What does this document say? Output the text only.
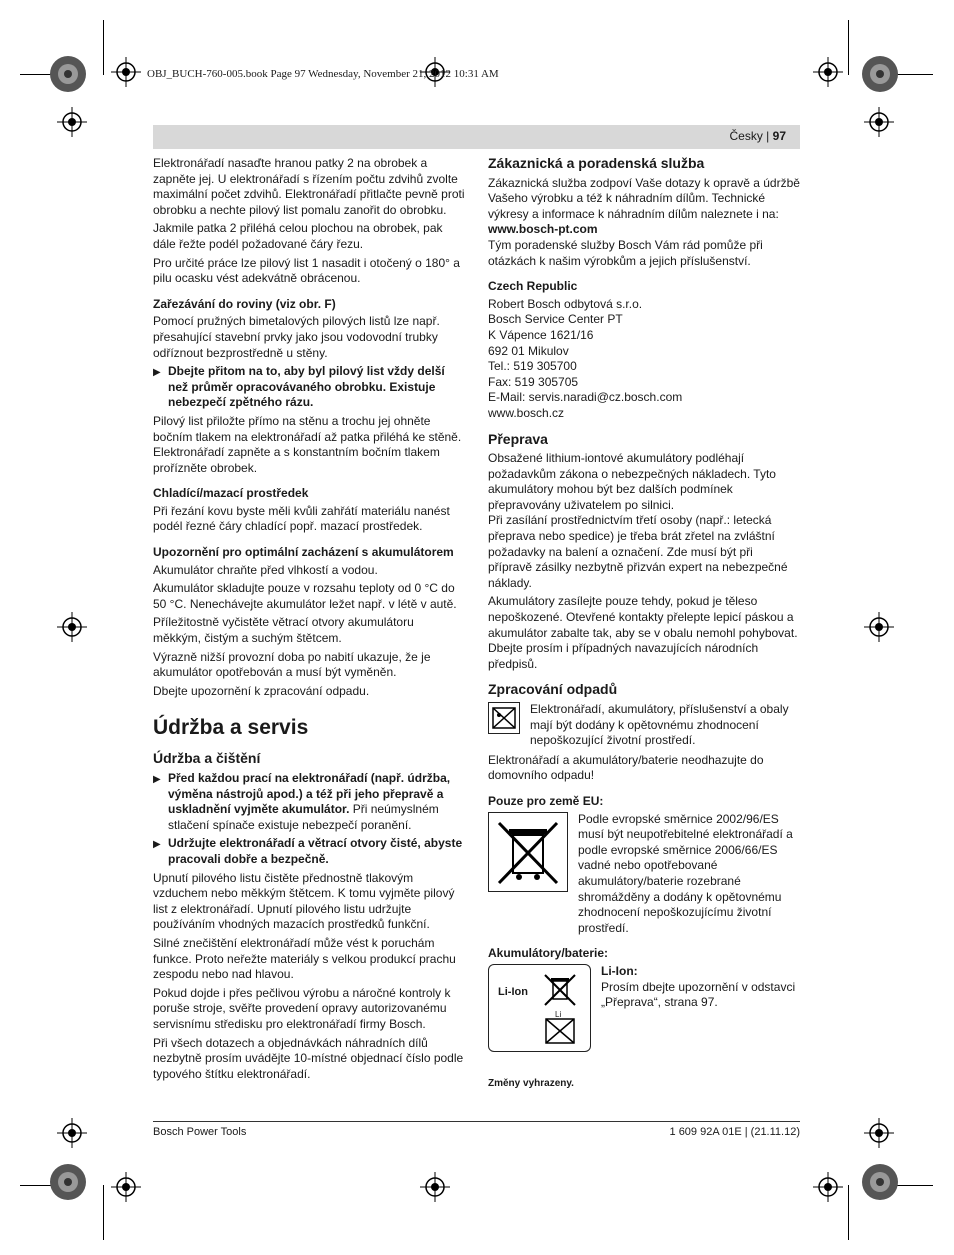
OBJ_BUCH-760-005.book Page 97 Wednesday, November 21, 2012 10:31 AM
Česky | 97

Elektronářadí nasaďte hranou patky 2 na obrobek a zapněte jej. U elektronářadí s řízením počtu zdvihů zvolte maximální počet zdvihů. Elektronářadí přitlačte pevně proti obrobku a nechte pilový list pomalu zanořit do obrobku.

Jakmile patka 2 přiléhá celou plochou na obrobek, pak dále řežte podél požadované čáry řezu.

Pro určité práce lze pilový list 1 nasadit i otočený o 180° a pilu ocasku vést adekvátně obrácenou.

Zařezávání do roviny (viz obr. F)

Pomocí pružných bimetalových pilových listů lze např. přesahující stavební prvky jako jsou vodovodní trubky odříznout bezprostředně u stěny.

▶ Dbejte přitom na to, aby byl pilový list vždy delší než průměr opracovávaného obrobku. Existuje nebezpečí zpětného rázu.

Pilový list přiložte přímo na stěnu a trochu jej ohněte bočním tlakem na elektronářadí až patka přiléhá ke stěně. Elektronářadí zapněte a s konstantním bočním tlakem prořízněte obrobek.

Chladící/mazací prostředek

Při řezání kovu byste měli kvůli zahřátí materiálu nanést podél řezné čáry chladící popř. mazací prostředek.

Upozornění pro optimální zacházení s akumulátorem

Akumulátor chraňte před vlhkostí a vodou.

Akumulátor skladujte pouze v rozsahu teploty od 0 °C do 50 °C. Nenechávejte akumulátor ležet např. v létě v autě.

Příležitostně vyčistěte větrací otvory akumulátoru měkkým, čistým a suchým štětcem.

Výrazně nižší provozní doba po nabití ukazuje, že je akumulátor opotřebován a musí být vyměněn.

Dbejte upozornění k zpracování odpadu.

Údržba a servis
Údržba a čištění
▶ Před každou prací na elektronářadí (např. údržba, výměna nástrojů apod.) a též při jeho přepravě a uskladnění vyjměte akumulátor. Při neúmyslném stlačení spínače existuje nebezpečí poranění.
▶ Udržujte elektronářadí a větrací otvory čisté, abyste pracovali dobře a bezpečně.

Upnutí pilového listu čistěte přednostně tlakovým vzduchem nebo měkkým štětcem. K tomu vyjměte pilový list z elektronářadí. Upnutí pilového listu udržujte používáním vhodných mazacích prostředků funkční.

Silné znečištění elektronářadí může vést k poruchám funkce. Proto neřežte materiály s velkou produkcí prachu zespodu nebo nad hlavou.

Pokud dojde i přes pečlivou výrobu a náročné kontroly k poruše stroje, svěřte provedení opravy autorizovanému servisnímu středisku pro elektronářadí firmy Bosch.

Při všech dotazech a objednávkách náhradních dílů nezbytně prosím uvádějte 10-místné objednací číslo podle typového štítku elektronářadí.

Zákaznická a poradenská služba

Zákaznická služba zodpoví Vaše dotazy k opravě a údržbě Vašeho výrobku a též k náhradním dílům. Technické výkresy a informace k náhradním dílům naleznete i na:

www.bosch-pt.com

Tým poradenské služby Bosch Vám rád pomůže při otázkách k našim výrobkům a jejich příslušenství.

Czech Republic
Robert Bosch odbytová s.r.o.
Bosch Service Center PT
K Vápence 1621/16
692 01 Mikulov
Tel.: 519 305700
Fax: 519 305705
E-Mail: servis.naradi@cz.bosch.com
www.bosch.cz
Přeprava

Obsažené lithium-iontové akumulátory podléhají požadavkům zákona o nebezpečných nákladech. Tyto akumulátory mohou být bez dalších podmínek přepravovány uživatelem po silnici.

Při zasílání prostřednictvím třetí osoby (např.: letecká přeprava nebo spedice) je třeba brát zřetel na zvláštní požadavky na balení a označení. Zde musí být při přípravě zásilky nezbytně přizván expert na nebezpečné náklady.

Akumulátory zasílejte pouze tehdy, pokud je těleso nepoškozené. Otevřené kontakty přelepte lepicí páskou a akumulátor zabalte tak, aby se v obalu nemohl pohybovat.

Dbejte prosím i případných navazujících národních předpisů.

Zpracování odpadů
Elektronářadí, akumulátory, příslušenství a obaly mají být dodány k opětovnému zhodnocení nepoškozující životní prostředí.

Elektronářadí a akumulátory/baterie neodhazujte do domovního odpadu!

Pouze pro země EU:
Podle evropské směrnice 2002/96/ES musí být neupotřebitelné elektronářadí a podle evropské směrnice 2006/66/ES vadné nebo opotřebované akumulátory/baterie rozebrané shromážděny a dodány k opětovnému zhodnocení nepoškozujícímu životní prostředí.
Akumulátory/baterie:
Li-Ion
Li
Li-Ion:
Prosím dbejte upozornění v odstavci „Přeprava“, strana 97.
Změny vyhrazeny.
Bosch Power Tools	1 609 92A 01E | (21.11.12)
